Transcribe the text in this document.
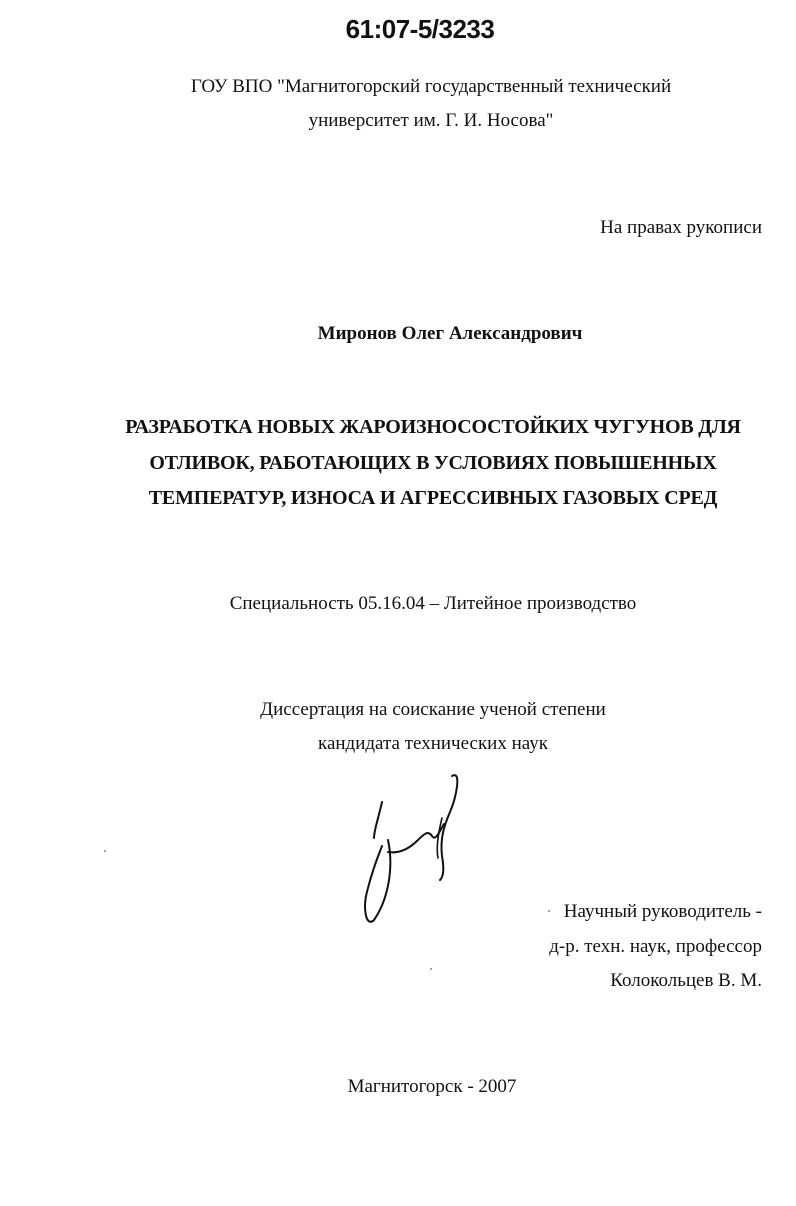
61:07-5/3233
ГОУ ВПО "Магнитогорский государственный технический
университет им. Г. И. Носова"
На правах рукописи
Миронов Олег Александрович
РАЗРАБОТКА НОВЫХ ЖАРОИЗНОСОСТОЙКИХ ЧУГУНОВ ДЛЯ
ОТЛИВОК, РАБОТАЮЩИХ В УСЛОВИЯХ ПОВЫШЕННЫХ
ТЕМПЕРАТУР, ИЗНОСА И АГРЕССИВНЫХ ГАЗОВЫХ СРЕД
Специальность 05.16.04 – Литейное производство
Диссертация на соискание ученой степени
кандидата технических наук
Научный руководитель -
д-р. техн. наук, профессор
Колокольцев В. М.
Магнитогорск - 2007
